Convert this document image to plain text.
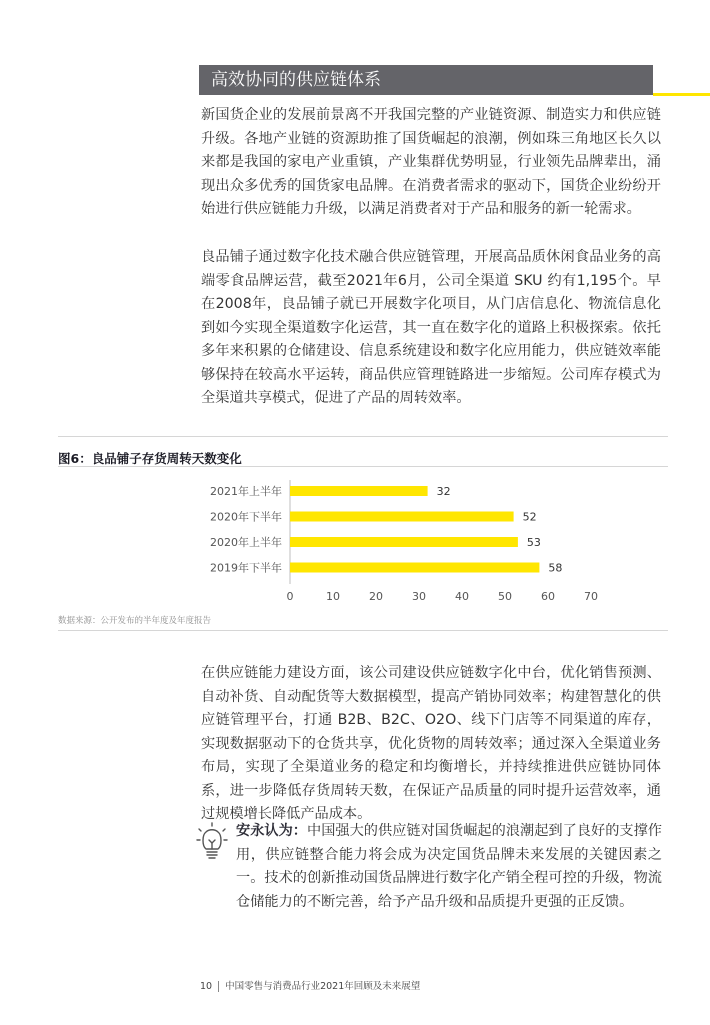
高效协同的供应链体系

新国货企业的发展前景离不开我国完整的产业链资源、制造实力和供应链升级。各地产业链的资源助推了国货崛起的浪潮，例如珠三角地区长久以来都是我国的家电产业重镇，产业集群优势明显，行业领先品牌辈出，涌现出众多优秀的国货家电品牌。在消费者需求的驱动下，国货企业纷纷开始进行供应链能力升级，以满足消费者对于产品和服务的新一轮需求。

良品铺子通过数字化技术融合供应链管理，开展高品质休闲食品业务的高端零食品牌运营，截至2021年6月，公司全渠道 SKU 约有1,195个。早在2008年，良品铺子就已开展数字化项目，从门店信息化、物流信息化到如今实现全渠道数字化运营，其一直在数字化的道路上积极探索。依托多年来积累的仓储建设、信息系统建设和数字化应用能力，供应链效率能够保持在较高水平运转，商品供应管理链路进一步缩短。公司库存模式为全渠道共享模式，促进了产品的周转效率。

图6：良品铺子存货周转天数变化
2021年上半年	32
2020年下半年	52
2020年上半年	53
2019年下半年	58
0	10	20	30	40	50	60	70
数据来源：公开发布的半年度及年度报告

在供应链能力建设方面，该公司建设供应链数字化中台，优化销售预测、自动补货、自动配货等大数据模型，提高产销协同效率；构建智慧化的供应链管理平台，打通 B2B、B2C、O2O、线下门店等不同渠道的库存，实现数据驱动下的仓货共享，优化货物的周转效率；通过深入全渠道业务布局，实现了全渠道业务的稳定和均衡增长，并持续推进供应链协同体系，进一步降低存货周转天数，在保证产品质量的同时提升运营效率，通过规模增长降低产品成本。

安永认为：中国强大的供应链对国货崛起的浪潮起到了良好的支撑作用，供应链整合能力将会成为决定国货品牌未来发展的关键因素之一。技术的创新推动国货品牌进行数字化产销全程可控的升级，物流仓储能力的不断完善，给予产品升级和品质提升更强的正反馈。

10 中国零售与消费品行业2021年回顾及未来展望
